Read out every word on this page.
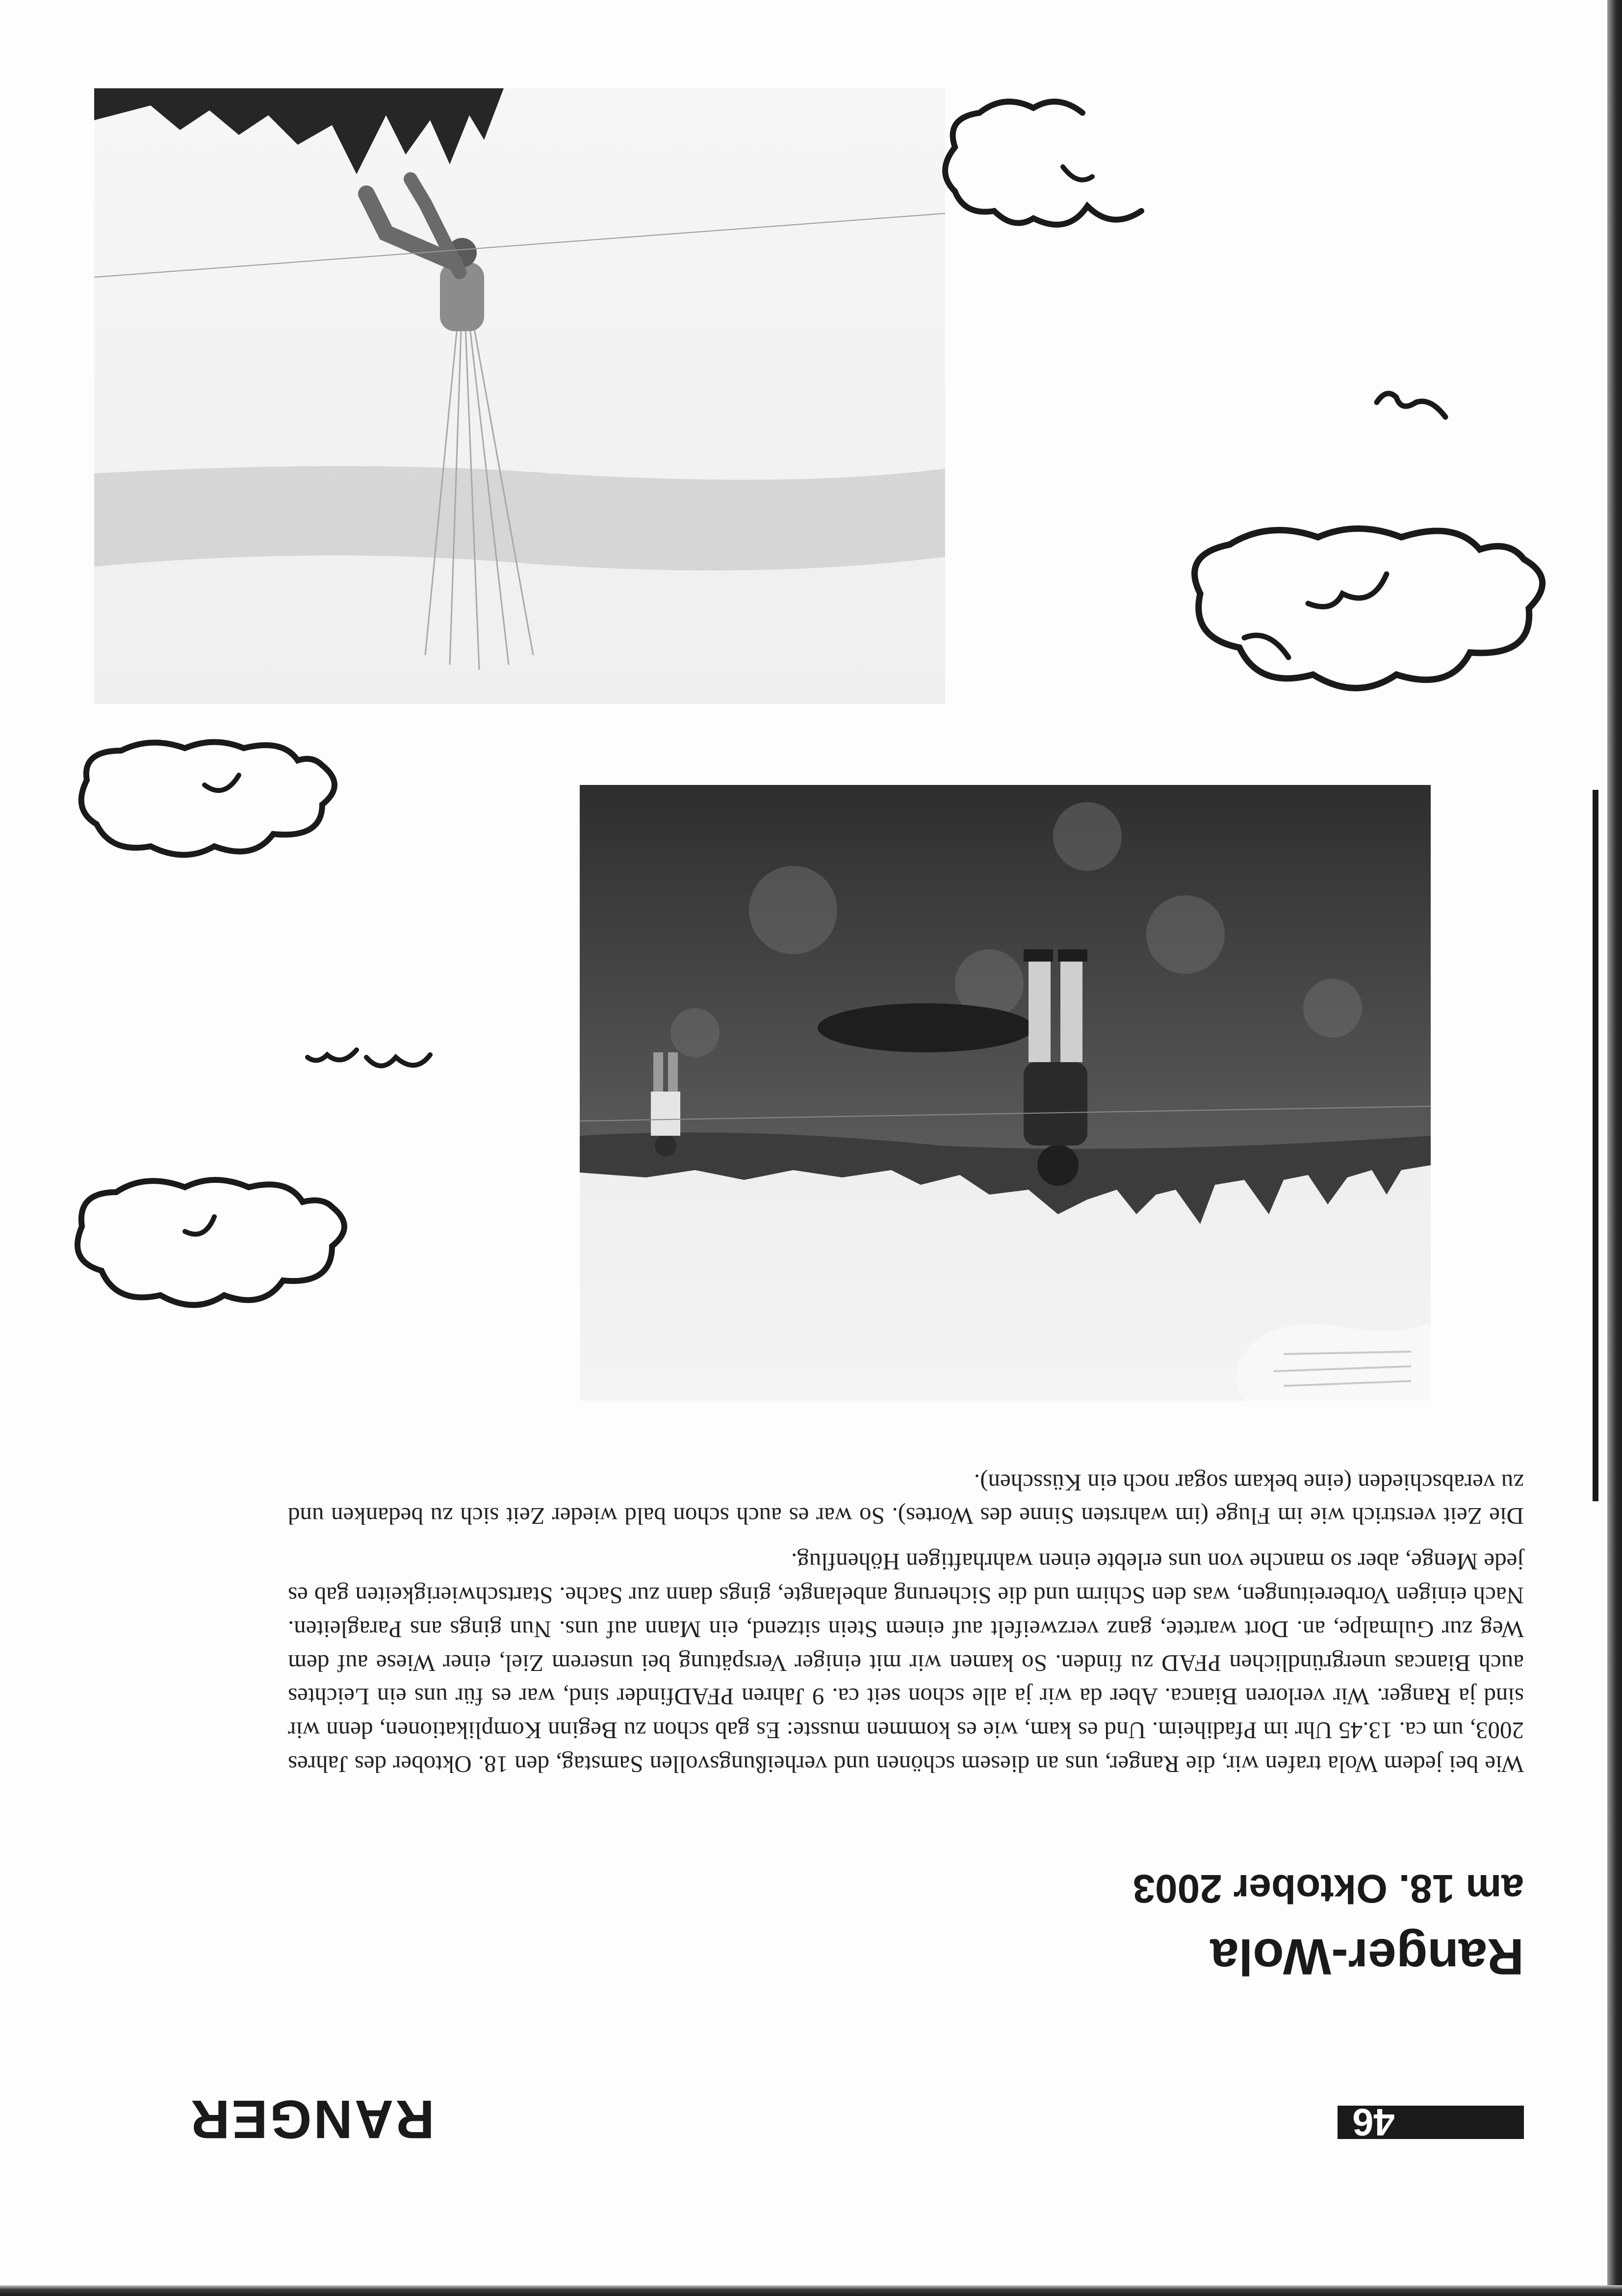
46
RANGER
Ranger-Wola
am 18. Oktober 2003

Wie bei jedem Wola trafen wir, die Ranger, uns an diesem schönen und verheißungsvollen Samstag, den 18. Oktober des Jahres 2003, um ca. 13.45 Uhr im Pfadiheim. Und es kam, wie es kommen musste: Es gab schon zu Beginn Komplikationen, denn wir sind ja Ranger. Wir verloren Bianca. Aber da wir ja alle schon seit ca. 9 Jahren PFADfinder sind, war es für uns ein Leichtes auch Biancas unergründlichen PFAD zu finden. So kamen wir mit einiger Verspätung bei unserem Ziel, einer Wiese auf dem Weg zur Gulmalpe, an. Dort wartete, ganz verzweifelt auf einem Stein sitzend, ein Mann auf uns. Nun gings ans Paragleiten. Nach einigen Vorbereitungen, was den Schirm und die Sicherung anbelangte, gings dann zur Sache. Startschwierigkeiten gab es jede Menge, aber so manche von uns erlebte einen wahrhaftigen Höhenflug.

Die Zeit verstrich wie im Fluge (im wahrsten Sinne des Wortes). So war es auch schon bald wieder Zeit sich zu bedanken und zu verabschieden (eine bekam sogar noch ein Küsschen).
